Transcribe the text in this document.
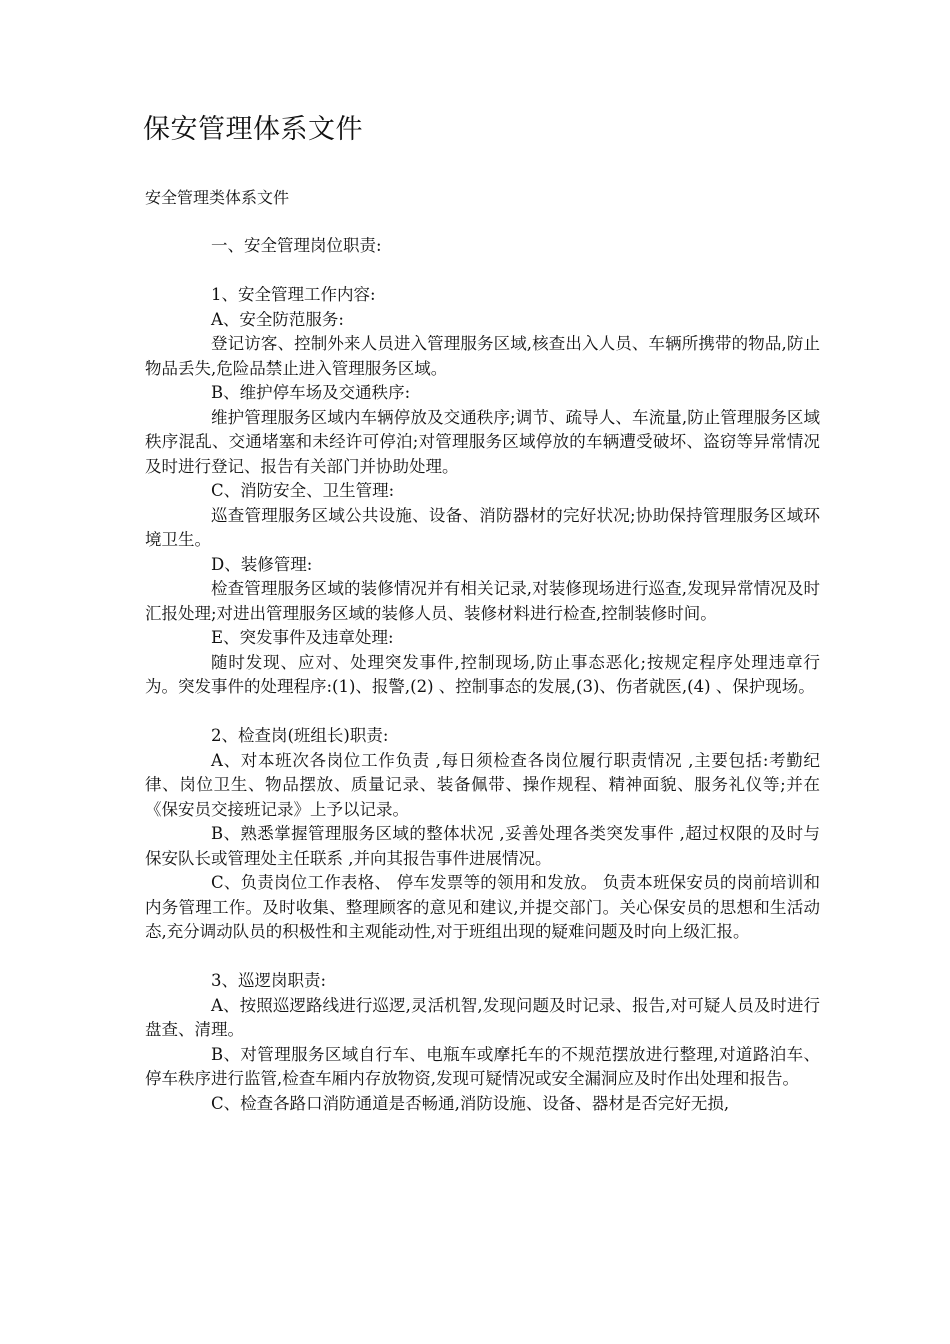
保安管理体系文件
安全管理类体系文件

一、安全管理岗位职责:

1、安全管理工作内容:

A、安全防范服务:

登记访客、控制外来人员进入管理服务区域,核查出入人员、车辆所携带的物品,防止物品丢失,危险品禁止进入管理服务区域。

B、维护停车场及交通秩序:

维护管理服务区域内车辆停放及交通秩序;调节、疏导人、车流量,防止管理服务区域秩序混乱、交通堵塞和未经许可停泊;对管理服务区域停放的车辆遭受破坏、盗窃等异常情况及时进行登记、报告有关部门并协助处理。

C、消防安全、卫生管理:

巡查管理服务区域公共设施、设备、消防器材的完好状况;协助保持管理服务区域环境卫生。

D、装修管理:

检查管理服务区域的装修情况并有相关记录,对装修现场进行巡查,发现异常情况及时汇报处理;对进出管理服务区域的装修人员、装修材料进行检查,控制装修时间。

E、突发事件及违章处理:

随时发现、应对、处理突发事件,控制现场,防止事态恶化;按规定程序处理违章行为。突发事件的处理程序:(1)、报警,(2) 、控制事态的发展,(3)、伤者就医,(4) 、保护现场。

2、检查岗(班组长)职责:

A、对本班次各岗位工作负责 ,每日须检查各岗位履行职责情况 ,主要包括:考勤纪律、岗位卫生、物品摆放、质量记录、装备佩带、操作规程、精神面貌、服务礼仪等;并在《保安员交接班记录》上予以记录。

B、熟悉掌握管理服务区域的整体状况 ,妥善处理各类突发事件 ,超过权限的及时与保安队长或管理处主任联系 ,并向其报告事件进展情况。

C、负责岗位工作表格、 停车发票等的领用和发放。 负责本班保安员的岗前培训和内务管理工作。及时收集、整理顾客的意见和建议,并提交部门。关心保安员的思想和生活动态,充分调动队员的积极性和主观能动性,对于班组出现的疑难问题及时向上级汇报。

3、巡逻岗职责:

A、按照巡逻路线进行巡逻,灵活机智,发现问题及时记录、报告,对可疑人员及时进行盘查、清理。

B、对管理服务区域自行车、电瓶车或摩托车的不规范摆放进行整理,对道路泊车、停车秩序进行监管,检查车厢内存放物资,发现可疑情况或安全漏洞应及时作出处理和报告。

C、检查各路口消防通道是否畅通,消防设施、设备、器材是否完好无损,
